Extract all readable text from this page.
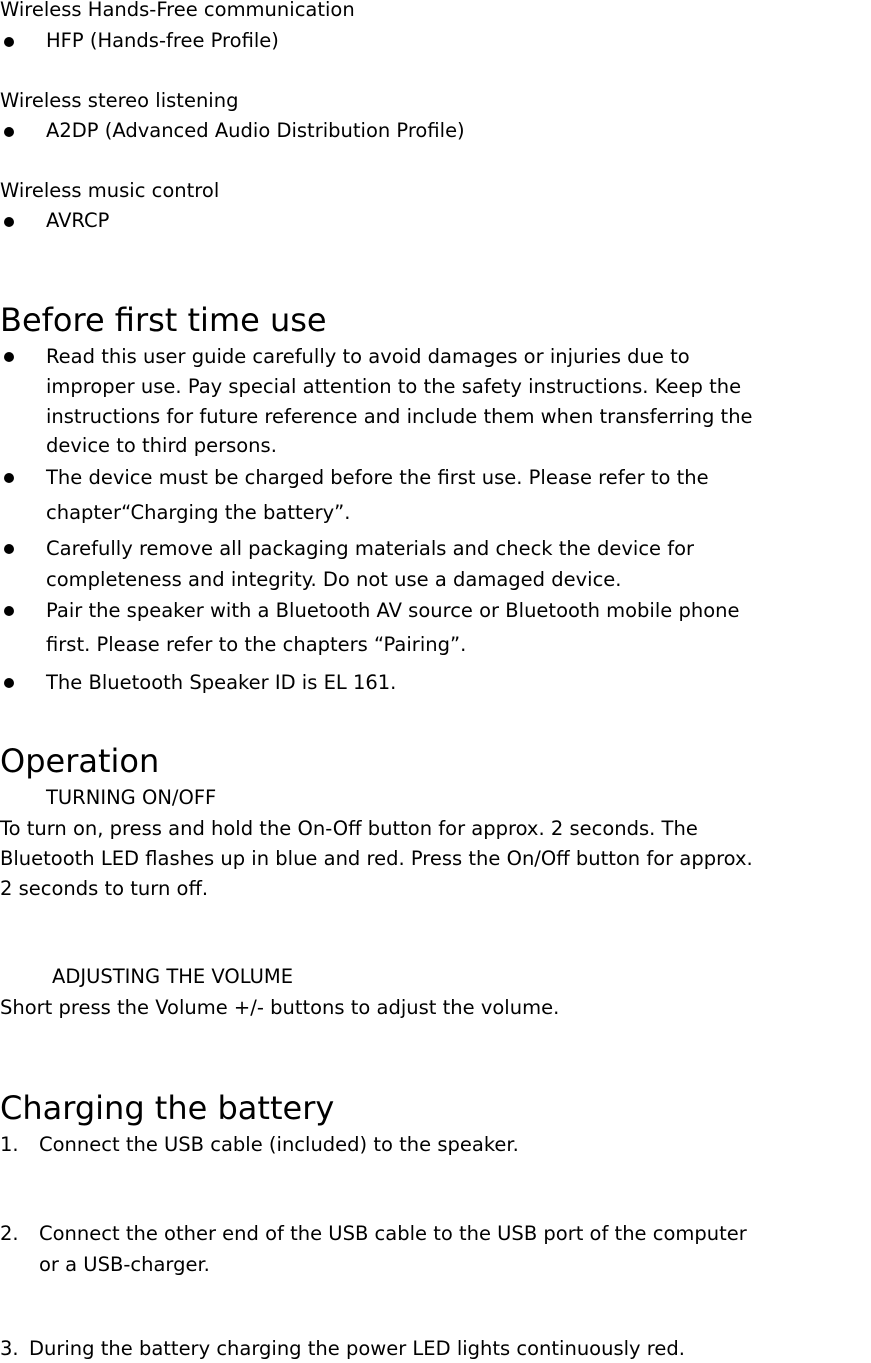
Wireless Hands-Free communication
HFP (Hands-free Profile)
Wireless stereo listening
A2DP (Advanced Audio Distribution Profile)
Wireless music control
AVRCP
Before first time use
Read this user guide carefully to avoid damages or injuries due to
improper use. Pay special attention to the safety instructions. Keep the
instructions for future reference and include them when transferring the
device to third persons.
The device must be charged before the first use. Please refer to the
chapter“Charging the battery”.
Carefully remove all packaging materials and check the device for
completeness and integrity. Do not use a damaged device.
Pair the speaker with a Bluetooth AV source or Bluetooth mobile phone
first. Please refer to the chapters “Pairing”.
The Bluetooth Speaker ID is EL 161.
Operation
TURNING ON/OFF
To turn on, press and hold the On-Off button for approx. 2 seconds. The
Bluetooth LED flashes up in blue and red. Press the On/Off button for approx.
2 seconds to turn off.
ADJUSTING THE VOLUME
Short press the Volume +/- buttons to adjust the volume.
Charging the battery
1. Connect the USB cable (included) to the speaker.
2. Connect the other end of the USB cable to the USB port of the computer
or a USB-charger.
3. During the battery charging the power LED lights continuously red.
